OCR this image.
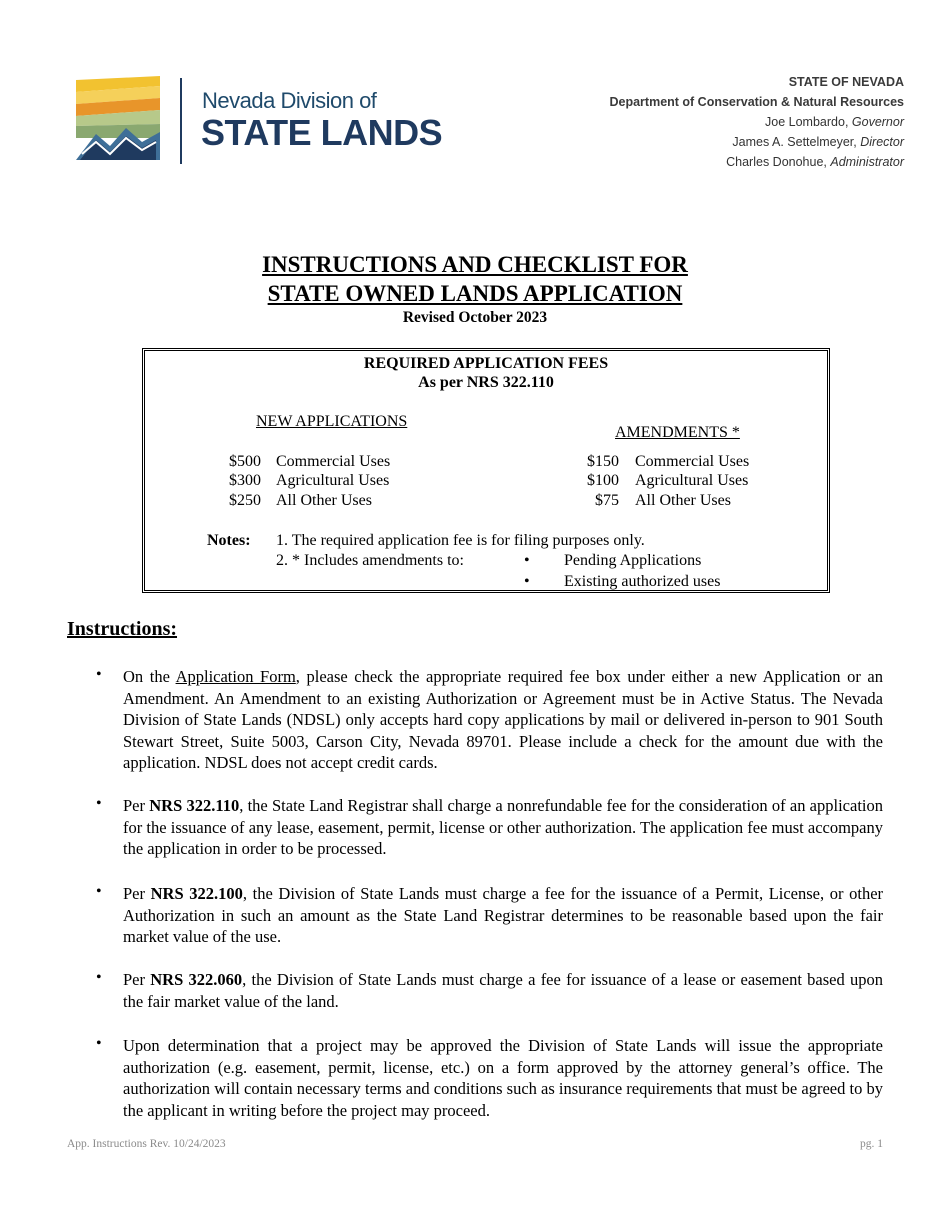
Nevada Division of
STATE LANDS
STATE OF NEVADA
Department of Conservation & Natural Resources
Joe Lombardo, Governor
James A. Settelmeyer, Director
Charles Donohue, Administrator
INSTRUCTIONS AND CHECKLIST FOR
STATE OWNED LANDS APPLICATION
Revised October 2023
REQUIRED APPLICATION FEES
As per NRS 322.110
NEW APPLICATIONS
AMENDMENTS *
$500 Commercial Uses
$300 Agricultural Uses
$250 All Other Uses
$150 Commercial Uses
$100 Agricultural Uses
$75 All Other Uses
Notes: 1. The required application fee is for filing purposes only.
2. * Includes amendments to:	• Pending Applications
• Existing authorized uses
Instructions:
• On the Application Form, please check the appropriate required fee box under either a new Application or an Amendment. An Amendment to an existing Authorization or Agreement must be in Active Status. The Nevada Division of State Lands (NDSL) only accepts hard copy applications by mail or delivered in-person to 901 South Stewart Street, Suite 5003, Carson City, Nevada 89701. Please include a check for the amount due with the application. NDSL does not accept credit cards.
• Per NRS 322.110, the State Land Registrar shall charge a nonrefundable fee for the consideration of an application for the issuance of any lease, easement, permit, license or other authorization. The application fee must accompany the application in order to be processed.
• Per NRS 322.100, the Division of State Lands must charge a fee for the issuance of a Permit, License, or other Authorization in such an amount as the State Land Registrar determines to be reasonable based upon the fair market value of the use.
• Per NRS 322.060, the Division of State Lands must charge a fee for issuance of a lease or easement based upon the fair market value of the land.
• Upon determination that a project may be approved the Division of State Lands will issue the appropriate authorization (e.g. easement, permit, license, etc.) on a form approved by the attorney general’s office. The authorization will contain necessary terms and conditions such as insurance requirements that must be agreed to by the applicant in writing before the project may proceed.
App. Instructions Rev. 10/24/2023	pg. 1
